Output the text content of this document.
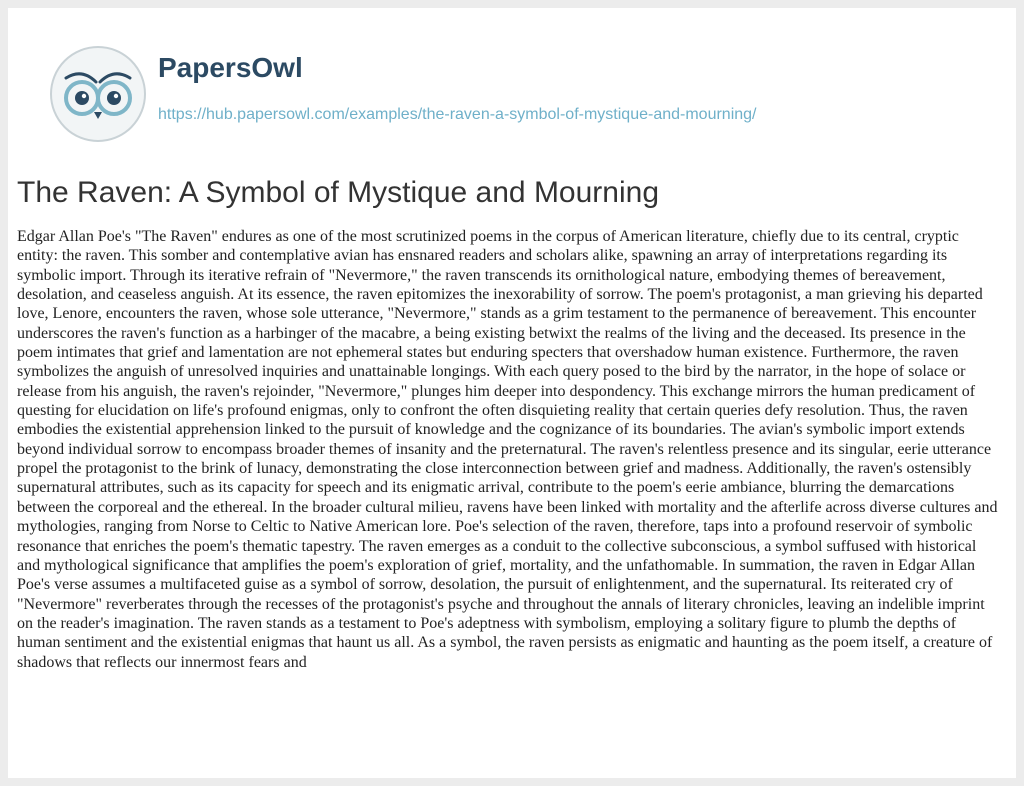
PapersOwl
https://hub.papersowl.com/examples/the-raven-a-symbol-of-mystique-and-mourning/
The Raven: A Symbol of Mystique and Mourning

Edgar Allan Poe's "The Raven" endures as one of the most scrutinized poems in the corpus of American literature, chiefly due to its central, cryptic entity: the raven. This somber and contemplative avian has ensnared readers and scholars alike, spawning an array of interpretations regarding its symbolic import. Through its iterative refrain of "Nevermore," the raven transcends its ornithological nature, embodying themes of bereavement, desolation, and ceaseless anguish. At its essence, the raven epitomizes the inexorability of sorrow. The poem's protagonist, a man grieving his departed love, Lenore, encounters the raven, whose sole utterance, "Nevermore," stands as a grim testament to the permanence of bereavement. This encounter underscores the raven's function as a harbinger of the macabre, a being existing betwixt the realms of the living and the deceased. Its presence in the poem intimates that grief and lamentation are not ephemeral states but enduring specters that overshadow human existence. Furthermore, the raven symbolizes the anguish of unresolved inquiries and unattainable longings. With each query posed to the bird by the narrator, in the hope of solace or release from his anguish, the raven's rejoinder, "Nevermore," plunges him deeper into despondency. This exchange mirrors the human predicament of questing for elucidation on life's profound enigmas, only to confront the often disquieting reality that certain queries defy resolution. Thus, the raven embodies the existential apprehension linked to the pursuit of knowledge and the cognizance of its boundaries. The avian's symbolic import extends beyond individual sorrow to encompass broader themes of insanity and the preternatural. The raven's relentless presence and its singular, eerie utterance propel the protagonist to the brink of lunacy, demonstrating the close interconnection between grief and madness. Additionally, the raven's ostensibly supernatural attributes, such as its capacity for speech and its enigmatic arrival, contribute to the poem's eerie ambiance, blurring the demarcations between the corporeal and the ethereal. In the broader cultural milieu, ravens have been linked with mortality and the afterlife across diverse cultures and mythologies, ranging from Norse to Celtic to Native American lore. Poe's selection of the raven, therefore, taps into a profound reservoir of symbolic resonance that enriches the poem's thematic tapestry. The raven emerges as a conduit to the collective subconscious, a symbol suffused with historical and mythological significance that amplifies the poem's exploration of grief, mortality, and the unfathomable. In summation, the raven in Edgar Allan Poe's verse assumes a multifaceted guise as a symbol of sorrow, desolation, the pursuit of enlightenment, and the supernatural. Its reiterated cry of "Nevermore" reverberates through the recesses of the protagonist's psyche and throughout the annals of literary chronicles, leaving an indelible imprint on the reader's imagination. The raven stands as a testament to Poe's adeptness with symbolism, employing a solitary figure to plumb the depths of human sentiment and the existential enigmas that haunt us all. As a symbol, the raven persists as enigmatic and haunting as the poem itself, a creature of shadows that reflects our innermost fears and
